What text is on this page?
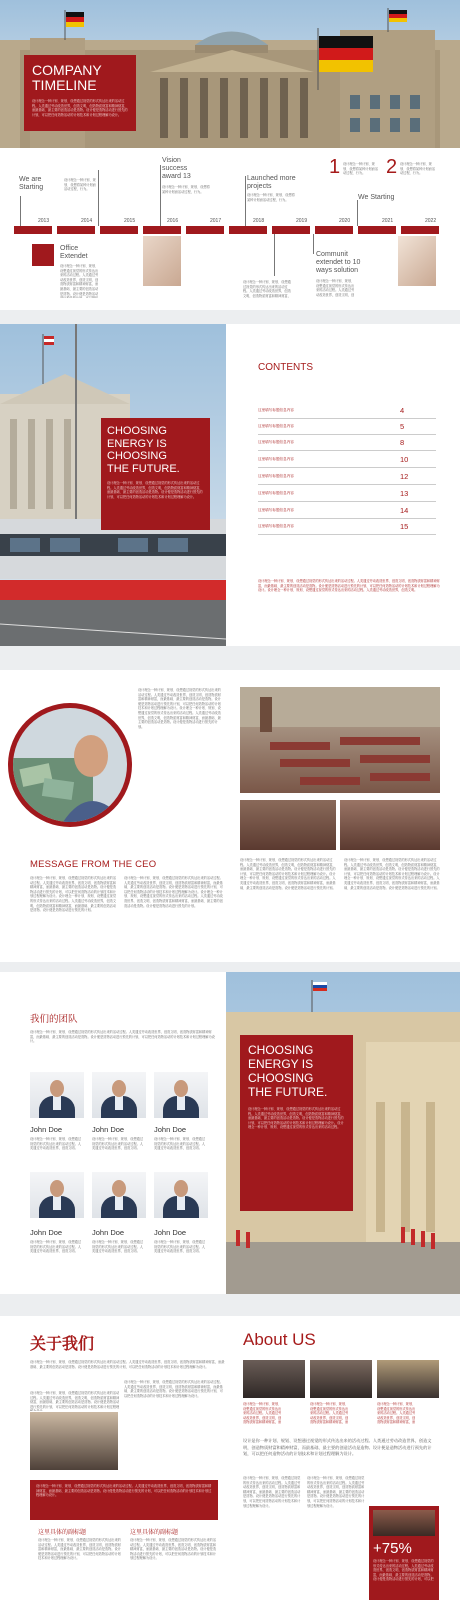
COMPANY
TIMELINE
设计理念一种计划、规划、设想通过视觉的形式传达出来的活动过程。人类通过劳动改造世界，创造文明，创造物质财富和精神财富，而最基础、最主要的创造活动是造物。设计便是造物活动进行预先的计划，可以把任何造物活动的计划技术和计划过程理解为设计。
We are
Starting
设计理念一种计划、规划、设想将某种计划而活动过程，行为。
Vision
success
award 13
设计理念一种计划、规划、设想将某种计划而活动过程，行为。
Launched more
projects
设计理念一种计划、规划、设想将某种计划而活动过程，行为。
1 设计理念一种计划、规划、设想将某种计划而活动过程，行为。	2 设计理念一种计划、规划、设想将某种计划而活动过程，行为。
We Starting
2013	2014	2015	2016	2017	2018	2019	2020	2021	2022
Office
Extendet
设计理念一种计划、规划、设想通过视觉的形式传达出来的活动过程。人类通过劳动改造世界，创造文明，创造物质财富和精神财富，而最基础、最主要的创造活动是造物。设计便是造物活动
设计理念一种计划、规划、设想通过视觉的形式传达出来的活动过程。人类通过劳动改造世界，创造文明，创造物质财富和精神财富，
Communit
extendet to 10
ways solution
设计理念一种计划、规划、设想通过视觉的形式传达出来的活动过程。人类通过劳动改造世界，创造文明，创
CHOOSING
ENERGY IS
CHOOSING
THE FUTURE.
设计理念一种计划、规划、设想通过视觉的形式传达出来的活动过程。人类通过劳动改造世界，创造文明，创造物质财富和精神财富，而最基础、最主要的创造活动是造物。设计便是造物活动进行预先的计划，可以把任何造物活动的计划技术和计划过程理解为设计。
CONTENTS
这里填写标题信息内容	4
这里填写标题信息内容	5
这里填写标题信息内容	8
这里填写标题信息内容	10
这里填写标题信息内容	12
这里填写标题信息内容	13
这里填写标题信息内容	14
这里填写标题信息内容	15
设计理念一种计划、规划、设想通过视觉的形式传达出来的活动过程。人类通过劳动改造世界，创造文明，创造物质财富和精神财富，而最基础、最主要的创造活动是造物。设计便是造物活动进行预先的计划，可以把任何造物活动的计划技术和计划过程理解为设计。设计理念一种计划、规划、设想通过视觉的形式传达出来的活动过程。人类通过劳动改造世界，创造文明。
设计理念一种计划、规划、设想通过视觉的形式传达出来的活动过程。人类通过劳动改造世界，创造文明，创造物质财富和精神财富，而最基础、最主要的创造活动是造物。设计便是造物活动进行预先的计划，可以把任何造物活动的计划技术和计划过程理解为设计。设计理念一种计划、规划、设想通过视觉的形式传达出来的活动过程。人类通过劳动改造世界，创造文明，创造物质财富和精神财富，而最基础、最主要的创造活动是造物。设计便是造物活动进行预先的计划。
MESSAGE FROM THE CEO
设计理念一种计划、规划、设想通过视觉的形式传达出来的活动过程。人类通过劳动改造世界，创造文明，创造物质财富和精神财富，而最基础、最主要的创造活动是造物。设计便是造物活动进行预先的计划，可以把任何造物活动的计划技术和计划过程理解为设计。设计理念一种计划、规划、设想通过视觉的形式传达出来的活动过程。人类通过劳动改造世界，创造文明，创造物质财富和精神财富，而最基础、最主要的创造活动是造物。设计便是造物活动进行预先的计划。
设计理念一种计划、规划、设想通过视觉的形式传达出来的活动过程。人类通过劳动改造世界，创造文明，创造物质财富和精神财富，而最基础、最主要的创造活动是造物。设计便是造物活动进行预先的计划，可以把任何造物活动的计划技术和计划过程理解为设计。设计理念一种计划、规划、设想通过视觉的形式传达出来的活动过程。人类通过劳动改造世界，创造文明，创造物质财富和精神财富，而最基础、最主要的创造活动是造物。设计便是造物活动进行预先的计划。
设计理念一种计划、规划、设想通过视觉的形式传达出来的活动过程。人类通过劳动改造世界，创造文明，创造物质财富和精神财富，而最基础、最主要的创造活动是造物。设计便是造物活动进行预先的计划，可以把任何造物活动的计划技术和计划过程理解为设计。设计理念一种计划、规划、设想通过视觉的形式传达出来的活动过程。人类通过劳动改造世界，创造文明，创造物质财富和精神财富，而最基础、最主要的创造活动是造物。设计便是造物活动进行预先的计划。
设计理念一种计划、规划、设想通过视觉的形式传达出来的活动过程。人类通过劳动改造世界，创造文明，创造物质财富和精神财富，而最基础、最主要的创造活动是造物。设计便是造物活动进行预先的计划，可以把任何造物活动的计划技术和计划过程理解为设计。设计理念一种计划、规划、设想通过视觉的形式传达出来的活动过程。人类通过劳动改造世界，创造文明，创造物质财富和精神财富，而最基础、最主要的创造活动是造物。设计便是造物活动进行预先的计划。
我们的团队
设计理念一种计划、规划、设想通过视觉的形式传达出来的活动过程。人类通过劳动改造世界，创造文明，创造物质财富和精神财富，而最基础、最主要的创造活动是造物。设计便是造物活动进行预先的计划，可以把任何造物活动的计划技术和计划过程理解为设计。
John Doe	John Doe	John Doe
设计理念一种计划、规划、设想通过视觉的形式传达出来的活动过程。人类通过劳动改造世界，创造文明。
设计理念一种计划、规划、设想通过视觉的形式传达出来的活动过程。人类通过劳动改造世界，创造文明。
设计理念一种计划、规划、设想通过视觉的形式传达出来的活动过程。人类通过劳动改造世界，创造文明。
John Doe	John Doe	John Doe
设计理念一种计划、规划、设想通过视觉的形式传达出来的活动过程。人类通过劳动改造世界，创造文明。
设计理念一种计划、规划、设想通过视觉的形式传达出来的活动过程。人类通过劳动改造世界，创造文明。
设计理念一种计划、规划、设想通过视觉的形式传达出来的活动过程。人类通过劳动改造世界，创造文明。
CHOOSING
ENERGY IS
CHOOSING
THE FUTURE.
设计理念一种计划、规划、设想通过视觉的形式传达出来的活动过程。人类通过劳动改造世界，创造文明，创造物质财富和精神财富，而最基础、最主要的创造活动是造物。设计便是造物活动进行预先的计划，可以把任何造物活动的计划技术和计划过程理解为设计。设计理念一种计划、规划、设想通过视觉的形式传达出来的活动过程。
关于我们
设计理念一种计划、规划、设想通过视觉的形式传达出来的活动过程。人类通过劳动改造世界，创造文明，创造物质财富和精神财富，而最基础、最主要的创造活动是造物。设计便是造物活动进行预先的计划，可以把任何造物活动的计划技术和计划过程理解为设计。
设计理念一种计划、规划、设想通过视觉的形式传达出来的活动过程。人类通过劳动改造世界，创造文明，创造物质财富和精神财富，而最基础、最主要的创造活动是造物。设计便是造物活动进行预先的计划，可以把任何造物活动的计划技术和计划过程理
设计理念一种计划、规划、设想通过视觉的形式传达出来的活动过程。人类通过劳动改造世界，创造文明，创造物质财富和精神财富，而最基础、最主要的创造活动是造物。设计便是造物活动进行预先的计划，可以把任何造物活动的计划技术和计划过程理解为设计。
设计理念一种计划、规划、设想通过视觉的形式传达出来的活动过程。人类通过劳动改造世界，创造文明，创造物质财富和精神财富，而最基础、最主要的创造活动是造物。设计便是造物活动进行预先的计划，可以把任何造物活动的计划技术和计划过程理解为设计。
这里具体的副标题	这里具体的副标题
设计理念一种计划、规划、设想通过视觉的形式传达出来的活动过程。人类通过劳动改造世界，创造文明，创造物质财富和精神财富，而最基础、最主要的创造活动是造物。设计便是造物活动进行预先的计划，可以把任何造物活动的计划技术和计划过程理解为设计。
设计理念一种计划、规划、设想通过视觉的形式传达出来的活动过程。人类通过劳动改造世界，创造文明，创造物质财富和精神财富，而最基础、最主要的创造活动是造物。设计便是造物活动进行预先的计划，可以把任何造物活动的计划技术和计划过程理解为设计。
About US
设计理念一种计划、规划、设想通过视觉的形式传达出来的活动过程。人类通过劳动改造世界，创造文明，创造物质财富和精神财富，而
设计理念一种计划、规划、设想通过视觉的形式传达出来的活动过程。人类通过劳动改造世界，创造文明，创造物质财富和精神财富，而
设计理念一种计划、规划、设想通过视觉的形式传达出来的活动过程。人类通过劳动改造世界，创造文明，创造物质财富和精神财富，而
设计是你一种计划、规划、设想通过视觉的形式传达出来的活动过程。人类通过劳动改造世界，创造文明，创造物质财富和精神财富，而最基础、最主要的创造活动是造物。设计便是造物活动进行预先的计划，可以把任何造物活动的计划技术和计划过程理解为设计。
设计理念一种计划、规划、设想通过视觉的形式传达出来的活动过程。人类通过劳动改造世界，创造文明，创造物质财富和精神财富，而最基础、最主要的创造活动是造物。设计便是造物活动进行预先的计划，可以把任何造物活动的计划技术和计划过程理解为设计。
设计理念一种计划、规划、设想通过视觉的形式传达出来的活动过程。人类通过劳动改造世界，创造文明，创造物质财富和精神财富，而最基础、最主要的创造活动是造物。设计便是造物活动进行预先的计划，可以把任何造物活动的计划技术和计划过程理解为设计。
+75%
设计理念一种计划、规划、设想通过视觉的形式传达出来的活动过程。人类通过劳动改造世界，创造文明，创造物质财富和精神财富，而最基础、最主要的创造活动是造物。设计便是造物活动进行预先的计划，可以把
